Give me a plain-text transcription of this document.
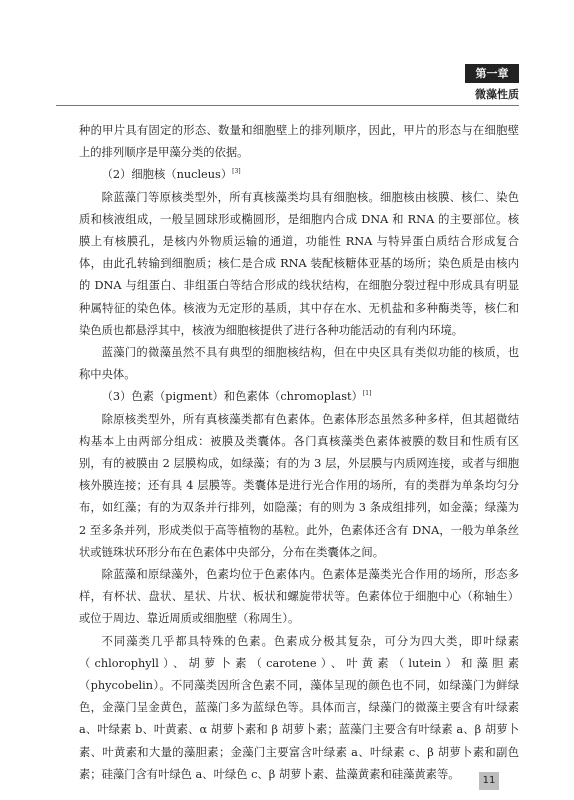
第一章
微藻性质

种的甲片具有固定的形态、数量和细胞壁上的排列顺序，因此，甲片的形态与在细胞壁上的排列顺序是甲藻分类的依据。

（2）细胞核（nucleus）[3]

除蓝藻门等原核类型外，所有真核藻类均具有细胞核。细胞核由核膜、核仁、染色质和核液组成，一般呈圆球形或椭圆形，是细胞内合成 DNA 和 RNA 的主要部位。核膜上有核膜孔，是核内外物质运输的通道，功能性 RNA 与特异蛋白质结合形成复合体，由此孔转输到细胞质；核仁是合成 RNA 装配核糖体亚基的场所；染色质是由核内的 DNA 与组蛋白、非组蛋白等结合形成的线状结构，在细胞分裂过程中形成具有明显种属特征的染色体。核液为无定形的基质，其中存在水、无机盐和多种酶类等，核仁和染色质也都悬浮其中，核液为细胞核提供了进行各种功能活动的有利内环境。

蓝藻门的微藻虽然不具有典型的细胞核结构，但在中央区具有类似功能的核质，也称中央体。

（3）色素（pigment）和色素体（chromoplast）[1]

除原核类型外，所有真核藻类都有色素体。色素体形态虽然多种多样，但其超微结构基本上由两部分组成：被膜及类囊体。各门真核藻类色素体被膜的数目和性质有区别，有的被膜由 2 层膜构成，如绿藻；有的为 3 层，外层膜与内质网连接，或者与细胞核外膜连接；还有具 4 层膜等。类囊体是进行光合作用的场所，有的类群为单条均匀分布，如红藻；有的为双条并行排列，如隐藻；有的则为 3 条成组排列，如金藻；绿藻为 2 至多条并列，形成类似于高等植物的基粒。此外，色素体还含有 DNA，一般为单条丝状或链珠状环形分布在色素体中央部分，分布在类囊体之间。

除蓝藻和原绿藻外，色素均位于色素体内。色素体是藻类光合作用的场所，形态多样，有杯状、盘状、星状、片状、板状和螺旋带状等。色素体位于细胞中心（称轴生）或位于周边、靠近周质或细胞壁（称周生）。

不同藻类几乎都具特殊的色素。色素成分极其复杂，可分为四大类，即叶绿素（chlorophyll）、胡萝卜素（carotene）、叶黄素（lutein）和藻胆素（phycobelin）。不同藻类因所含色素不同，藻体呈现的颜色也不同，如绿藻门为鲜绿色，金藻门呈金黄色，蓝藻门多为蓝绿色等。具体而言，绿藻门的微藻主要含有叶绿素 a、叶绿素 b、叶黄素、α 胡萝卜素和 β 胡萝卜素；蓝藻门主要含有叶绿素 a、β 胡萝卜素、叶黄素和大量的藻胆素；金藻门主要富含叶绿素 a、叶绿素 c、β 胡萝卜素和副色素；硅藻门含有叶绿色 a、叶绿色 c、β 胡萝卜素、盐藻黄素和硅藻黄素等。	11
